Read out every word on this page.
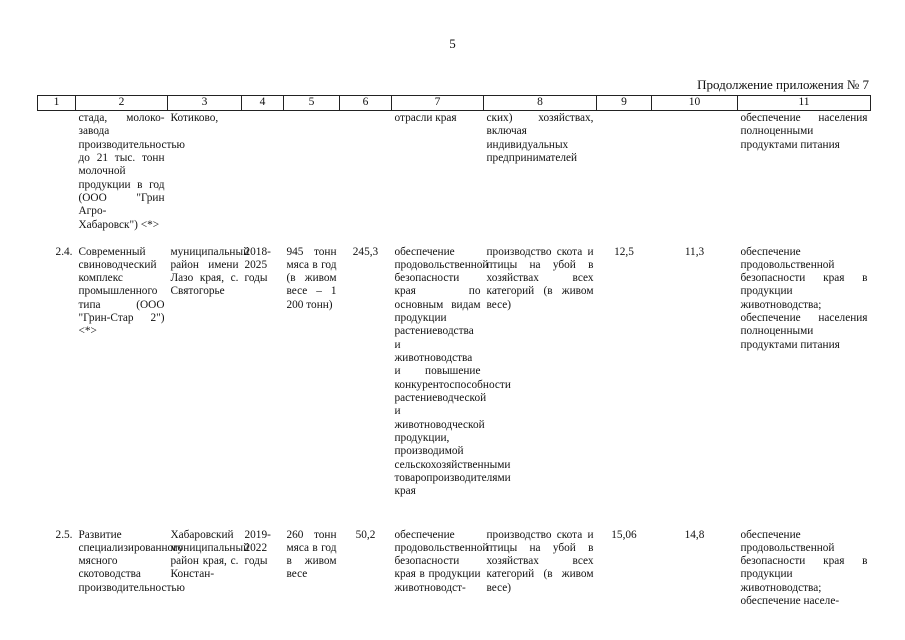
5
Продолжение приложения № 7
1	2	3	4	5	6	7	8	9	10	11
	стада, молоко-завода производительностью до 21 тыс. тонн молочной продукции в год (ООО "Грин Агро-Хабаровск") <*>	Котиково,				отрасли края	ских) хозяйствах, включая индивидуальных предпринимателей			обеспечение населения полноценными продуктами питания
2.4.	Современный свиноводческий комплекс промышленного типа (ООО "Грин-Стар 2") <*>	муниципальный район имени Лазо края, с. Святогорье	2018-2025 годы	945 тонн мяса в год (в живом весе – 1 200 тонн)	245,3	обеспечение продовольственной безопасности края по основным видам продукции растениеводства и животноводства и повышение конкурентоспособности растениеводческой и животноводческой продукции, производимой сельскохозяйственными товаропроизводителями края	производство скота и птицы на убой в хозяйствах всех категорий (в живом весе)	12,5	11,3	обеспечение продовольственной безопасности края в продукции животноводства;
обеспечение населения полноценными продуктами питания

2.5.	Развитие специализированного мясного скотоводства производительностью	Хабаровский муниципальный район края, с. Констан-	2019-2022 годы	260 тонн мяса в год в живом весе	50,2	обеспечение продовольственной безопасности края в продукции животноводст-	производство скота и птицы на убой в хозяйствах всех категорий (в живом весе)	15,06	14,8	обеспечение продовольственной безопасности края в продукции животноводства;
обеспечение населе-
